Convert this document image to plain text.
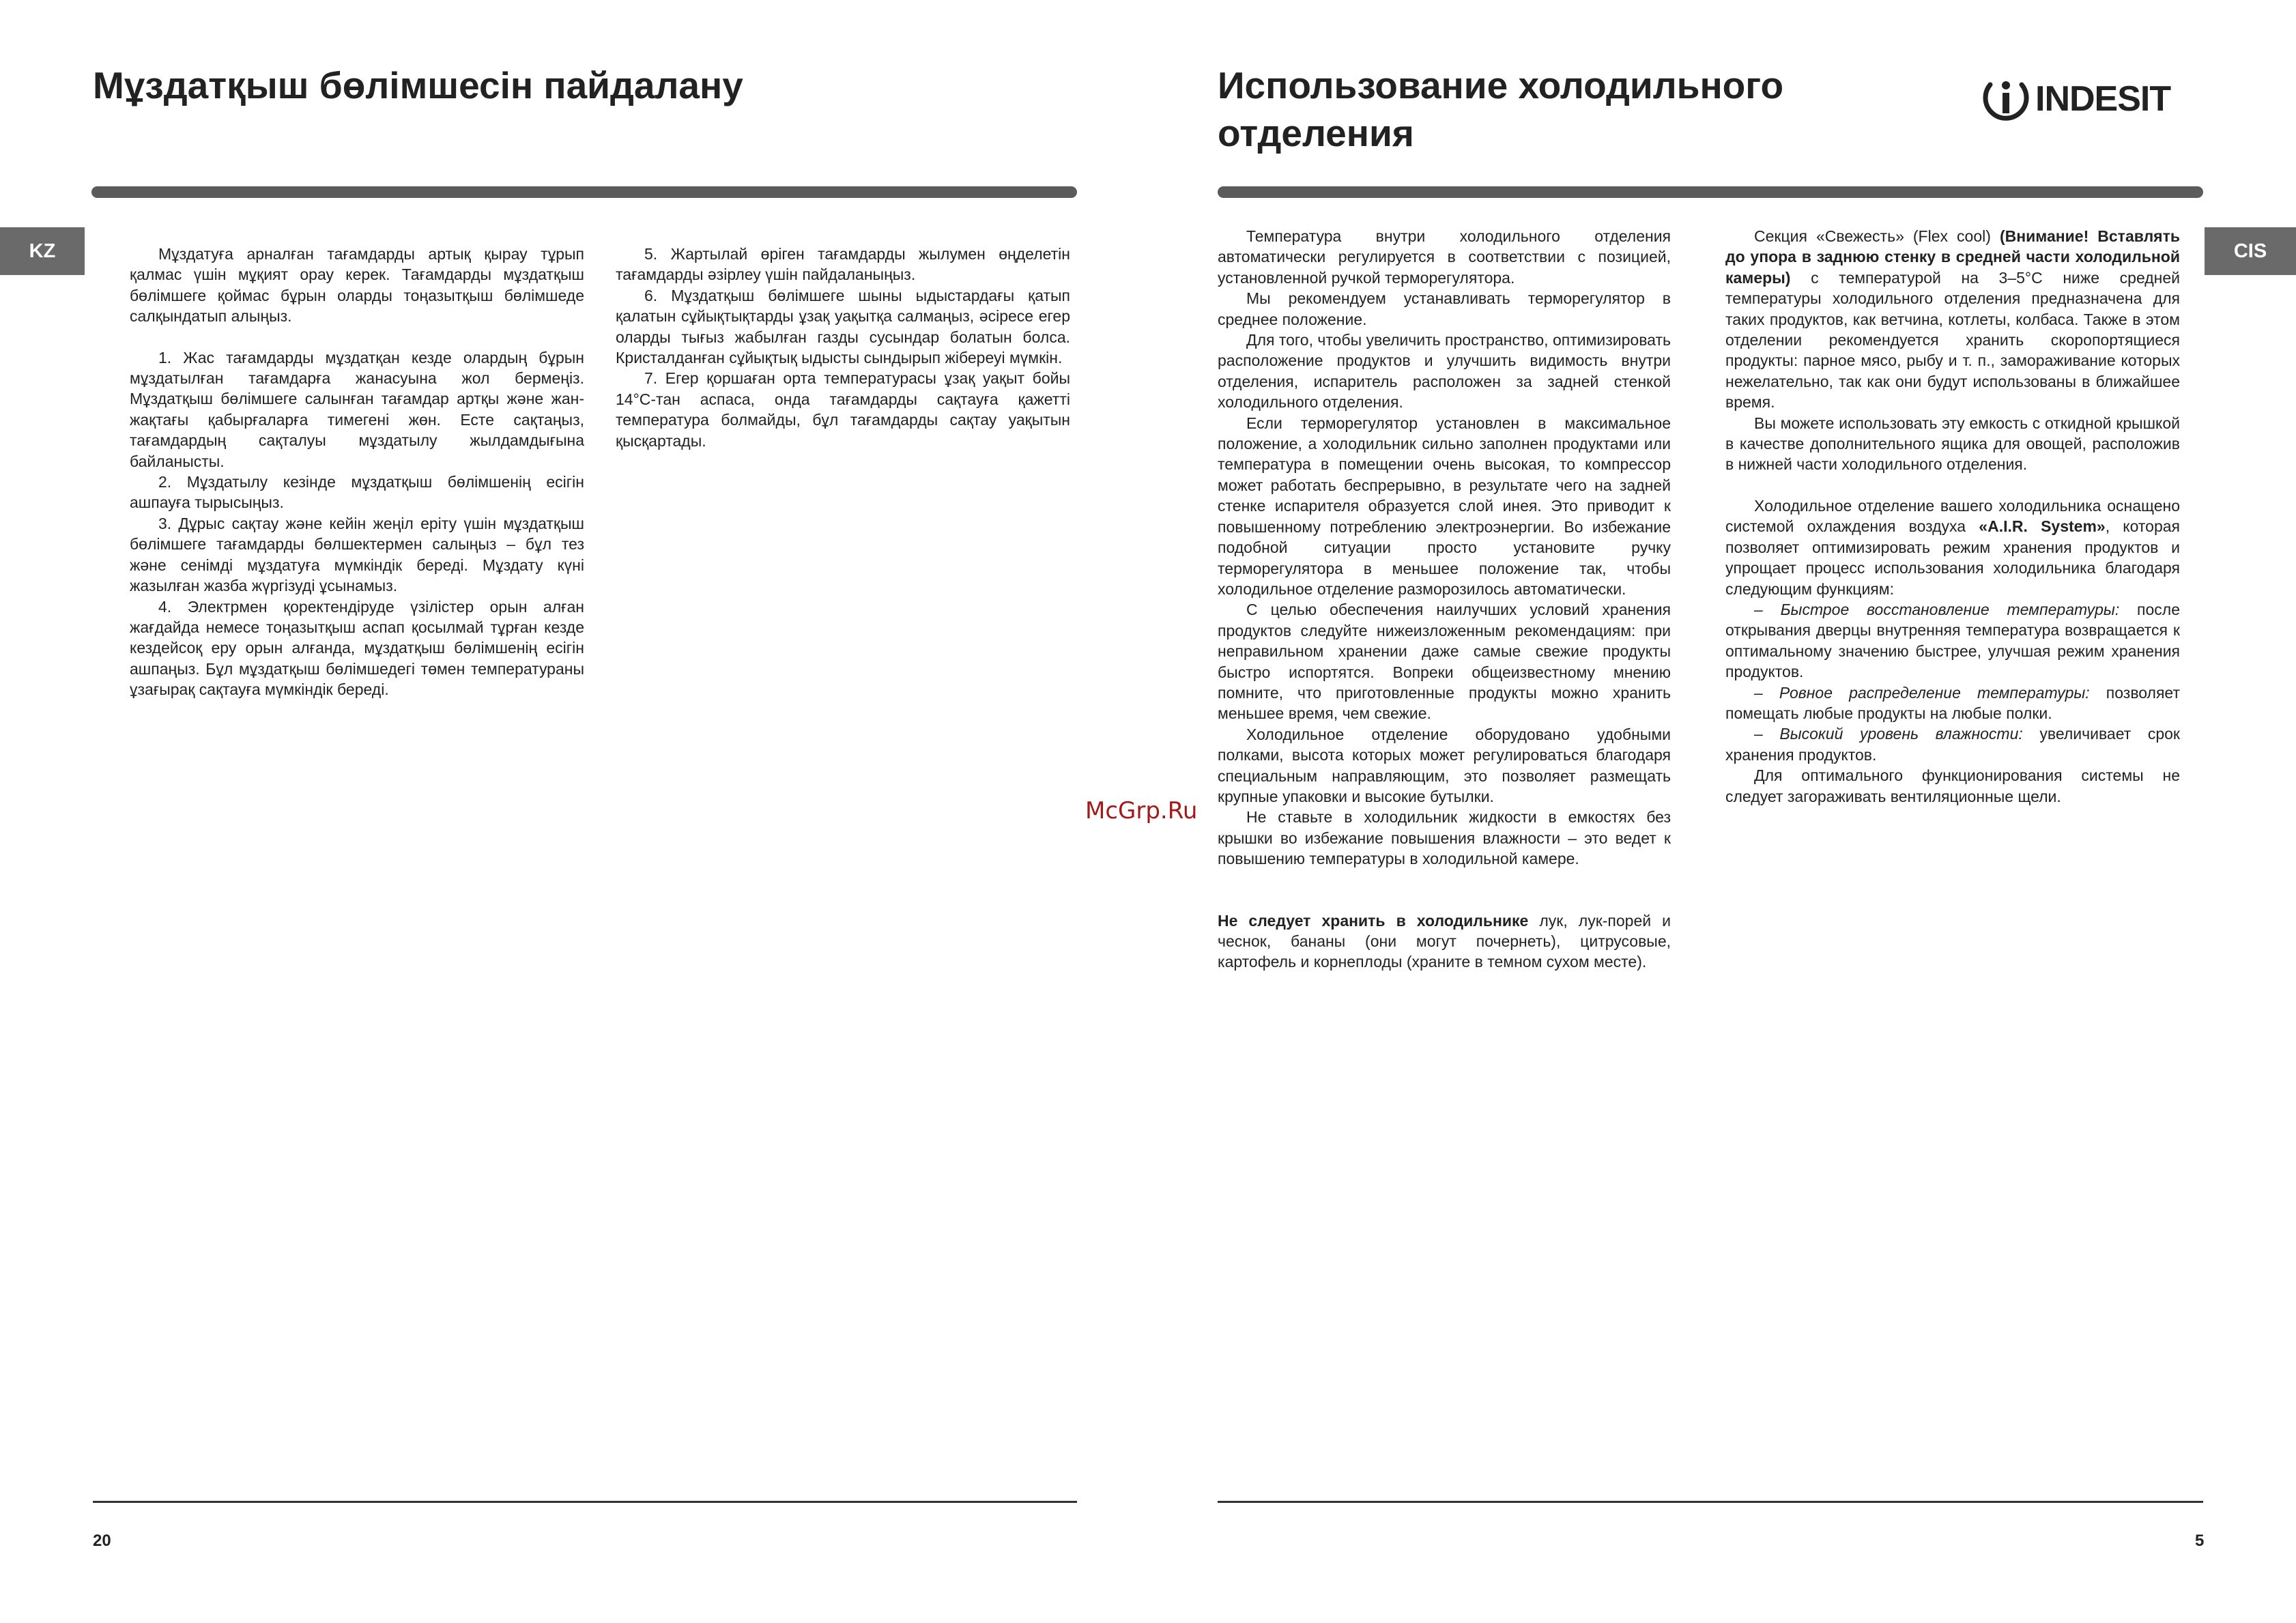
Мұздатқыш бөлімшесін пайдалану
KZ	Мұздатуға арналған тағамдарды артық қырау тұрып қалмас үшін мұқият орау керек. Тағамдарды мұздатқыш бөлімшеге қоймас бұрын оларды тоңазытқыш бөлімшеде салқындатып алыңыз.

1. Жас тағамдарды мұздатқан кезде олардың бұрын мұздатылған тағамдарға жанасуына жол бермеңіз. Мұздатқыш бөлімшеге салынған тағамдар артқы және жан-жақтағы қабырғаларға тимегені жөн. Есте сақтаңыз, тағамдардың сақталуы мұздатылу жылдамдығына байланысты.

2. Мұздатылу кезінде мұздатқыш бөлімшенің есігін ашпауға тырысыңыз.

3. Дұрыс сақтау және кейін жеңіл еріту үшін мұздатқыш бөлімшеге тағамдарды бөлшектермен салыңыз – бұл тез және сенімді мұздатуға мүмкіндік береді. Мұздату күні жазылған жазба жүргізуді ұсынамыз.

4. Электрмен қоректендіруде үзілістер орын алған жағдайда немесе тоңазытқыш аспап қосылмай тұрған кезде кездейсоқ еру орын алғанда, мұздатқыш бөлімшенің есігін ашпаңыз. Бұл мұздатқыш бөлімшедегі төмен температураны ұзағырақ сақтауға мүмкіндік береді.

5. Жартылай өріген тағамдарды жылумен өңделетін тағамдарды әзірлеу үшін пайдаланыңыз.

6. Мұздатқыш бөлімшеге шыны ыдыстардағы қатып қалатын сұйықтықтарды ұзақ уақытқа салмаңыз, әсіресе егер оларды тығыз жабылған газды сусындар болатын болса. Кристалданған сұйықтық ыдысты сындырып жібереуі мүмкін.

7. Егер қоршаған орта температурасы ұзақ уақыт бойы 14°С-тан аспаса, онда тағамдарды сақтауға қажетті температура болмайды, бұл тағамдарды сақтау уақытын қысқартады.

20
McGrp.Ru
Использование холодильного
отделения
INDESIT
CIS

Температура внутри холодильного отделения автоматически регулируется в соответствии с позицией, установленной ручкой терморегулятора.

Мы рекомендуем устанавливать терморегулятор в среднее положение.

Для того, чтобы увеличить пространство, оптимизировать расположение продуктов и улучшить видимость внутри отделения, испаритель расположен за задней стенкой холодильного отделения.

Если терморегулятор установлен в максимальное положение, а холодильник сильно заполнен продуктами или температура в помещении очень высокая, то компрессор может работать беспрерывно, в результате чего на задней стенке испарителя образуется слой инея. Это приводит к повышенному потреблению электроэнергии. Во избежание подобной ситуации просто установите ручку терморегулятора в меньшее положение так, чтобы холодильное отделение разморозилось автоматически.

С целью обеспечения наилучших условий хранения продуктов следуйте нижеизложенным рекомендациям: при неправильном хранении даже самые свежие продукты быстро испортятся. Вопреки общеизвестному мнению помните, что приготовленные продукты можно хранить меньшее время, чем свежие.

Холодильное отделение оборудовано удобными полками, высота которых может регулироваться благодаря специальным направляющим, это позволяет размещать крупные упаковки и высокие бутылки.

Не ставьте в холодильник жидкости в емкостях без крышки во избежание повышения влажности – это ведет к повышению температуры в холодильной камере.

Не следует хранить в холодильнике лук, лук-порей и чеснок, бананы (они могут почернеть), цитрусовые, картофель и корнеплоды (храните в темном сухом месте).

Секция «Свежесть» (Flex cool) (Внимание! Вставлять до упора в заднюю стенку в средней части холодильной камеры) с температурой на 3–5°С ниже средней температуры холодильного отделения предназначена для таких продуктов, как ветчина, котлеты, колбаса. Также в этом отделении рекомендуется хранить скоропортящиеся продукты: парное мясо, рыбу и т. п., замораживание которых нежелательно, так как они будут использованы в ближайшее время.

Вы можете использовать эту емкость с откидной крышкой в качестве дополнительного ящика для овощей, расположив в нижней части холодильного отделения.

Холодильное отделение вашего холодильника оснащено системой охлаждения воздуха «A.I.R. System», которая позволяет оптимизировать режим хранения продуктов и упрощает процесс использования холодильника благодаря следующим функциям:

– Быстрое восстановление температуры: после открывания дверцы внутренняя температура возвращается к оптимальному значению быстрее, улучшая режим хранения продуктов.

– Ровное распределение температуры: позволяет помещать любые продукты на любые полки.

– Высокий уровень влажности: увеличивает срок хранения продуктов.

Для оптимального функционирования системы не следует загораживать вентиляционные щели.

5
